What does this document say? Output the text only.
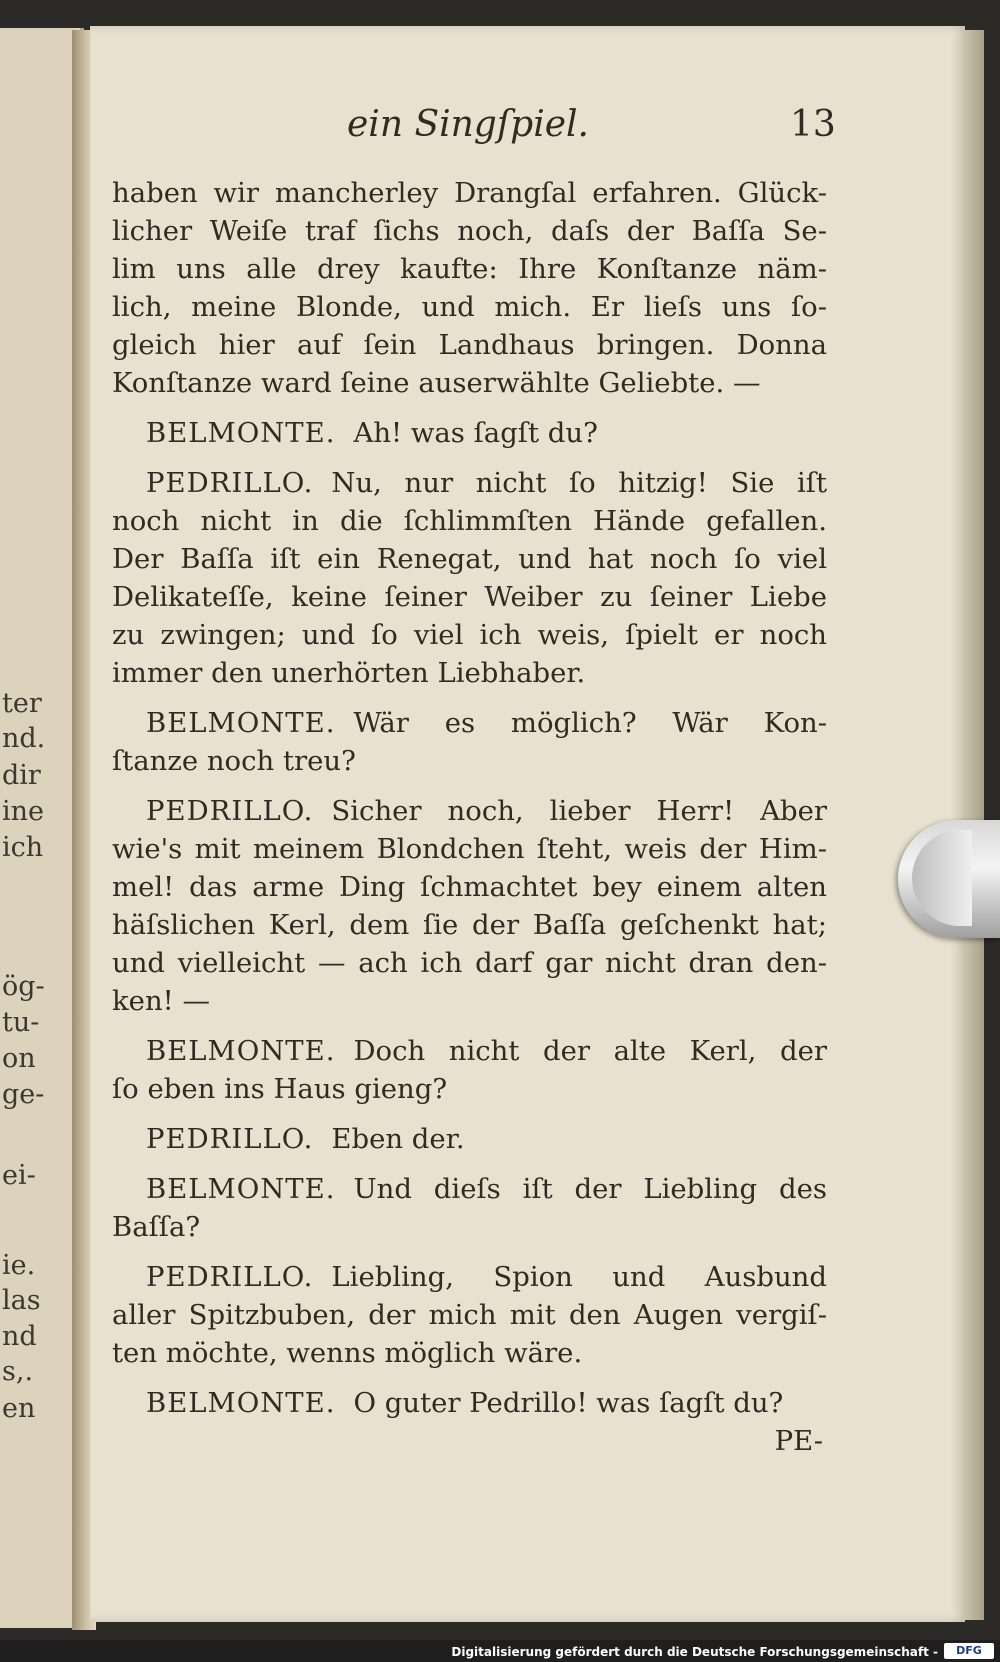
ter
nd.
dir
ine
ich
ög-
tu-
on
ge-
ei-
ie.
las
nd
s,.
en
ein Singſpiel.	13
haben wir mancherley Drangſal erfahren. Glück-
licher Weiſe traf ſichs noch, daſs der Baſſa Se-
lim uns alle drey kaufte: Ihre Konſtanze näm-
lich, meine Blonde, und mich. Er lieſs uns ſo-
gleich hier auf ſein Landhaus bringen. Donna
Konſtanze ward ſeine auserwählte Geliebte. —
BELMONTE. Ah! was ſagſt du?
PEDRILLO. Nu, nur nicht ſo hitzig! Sie iſt
noch nicht in die ſchlimmſten Hände gefallen.
Der Baſſa iſt ein Renegat, und hat noch ſo viel
Delikateſſe, keine ſeiner Weiber zu ſeiner Liebe
zu zwingen; und ſo viel ich weis, ſpielt er noch
immer den unerhörten Liebhaber.
BELMONTE. Wär es möglich? Wär Kon-
ſtanze noch treu?
PEDRILLO. Sicher noch, lieber Herr! Aber
wie's mit meinem Blondchen ſteht, weis der Him-
mel! das arme Ding ſchmachtet bey einem alten
häſslichen Kerl, dem ſie der Baſſa geſchenkt hat;
und vielleicht — ach ich darf gar nicht dran den-
ken! —
BELMONTE. Doch nicht der alte Kerl, der
ſo eben ins Haus gieng?
PEDRILLO. Eben der.
BELMONTE. Und dieſs iſt der Liebling des
Baſſa?
PEDRILLO. Liebling, Spion und Ausbund
aller Spitzbuben, der mich mit den Augen vergiſ-
ten möchte, wenns möglich wäre.
BELMONTE. O guter Pedrillo! was ſagſt du?
PE-
Digitalisierung gefördert durch die Deutsche Forschungsgemeinschaft -	DFG
